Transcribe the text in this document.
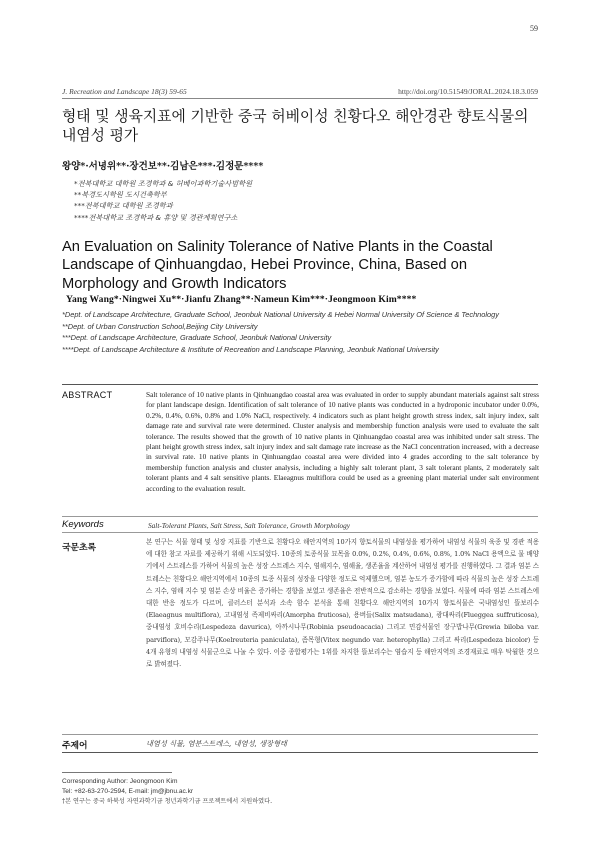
59
J. Recreation and Landscape 18(3) 59-65	http://doi.org/10.51549/JORAL.2024.18.3.059
형태 및 생육지표에 기반한 중국 허베이성 친황다오 해안경관 향토식물의 내염성 평가
왕양*·서녕위**·장건보**·김남은***·김정문****
*전북대학교 대학원 조경학과 & 허베이과학기술사범학원
**북경도시학원 도시건축학부
***전북대학교 대학원 조경학과
****전북대학교 조경학과 & 휴양 및 경관계획연구소
An Evaluation on Salinity Tolerance of Native Plants in the Coastal Landscape of Qinhuangdao, Hebei Province, China, Based on Morphology and Growth Indicators
Yang Wang*·Ningwei Xu**·Jianfu Zhang**·Nameun Kim***·Jeongmoon Kim****
*Dept. of Landscape Architecture, Graduate School, Jeonbuk National University & Hebei Normal University Of Science & Technology
**Dept. of Urban Construction School,Beijing City University
***Dept. of Landscape Architecture, Graduate School, Jeonbuk National University
****Dept. of Landscape Architecture & Institute of Recreation and Landscape Planning, Jeonbuk National University
ABSTRACT	Salt tolerance of 10 native plants in Qinhuangdao coastal area was evaluated in order to supply abundant materials against salt stress for plant landscape design. Identification of salt tolerance of 10 native plants was conducted in a hydroponic incubator under 0.0%, 0.2%, 0.4%, 0.6%, 0.8% and 1.0% NaCl, respectively. 4 indicators such as plant height growth stress index, salt injury index, salt damage rate and survival rate were determined. Cluster analysis and membership function analysis were used to evaluate the salt tolerance. The results showed that the growth of 10 native plants in Qinhuangdao coastal area was inhibited under salt stress. The plant height growth stress index, salt injury index and salt damage rate increase as the NaCl concentration increased, with a decrease in survival rate. 10 native plants in Qinhuangdao coastal area were divided into 4 grades according to the salt tolerance by membership function analysis and cluster analysis, including a highly salt tolerant plant, 3 salt tolerant plants, 2 moderately salt tolerant plants and 4 salt sensitive plants. Elaeagnus multiflora could be used as a greening plant material under salt environment according to the evaluation result.
Keywords	Salt-Tolerant Plants, Salt Stress, Salt Tolerance, Growth Morphology
국문초록
본 연구는 식물 형태 및 성장 지표를 기반으로 친황다오 해안지역의 10가지 향토식물의 내염성을 평가하여 내염성 식물의 육종 및 경관 적용에 대한 참고 자료를 제공하기 위해 시도되었다. 10종의 토종식물 묘목을 0.0%, 0.2%, 0.4%, 0.6%, 0.8%, 1.0% NaCl 용액으로 물 배양기에서 스트레스를 가하여 식물의 높은 성장 스트레스 지수, 염해지수, 염해율, 생존율을 계산하여 내염성 평가를 진행하였다. 그 결과 염분 스트레스는 친황다오 해안지역에서 10종의 토종 식물의 성장을 다양한 정도로 억제했으며, 염분 농도가 증가함에 따라 식물의 높은 성장 스트레스 지수, 염해 지수 및 염분 손상 비율은 증가하는 경향을 보였고 생존율은 전반적으로 감소하는 경향을 보였다. 식물에 따라 염분 스트레스에 대한 반응 정도가 다르며, 클러스터 분석과 소속 함수 분석을 통해 친황다오 해안지역의 10가지 향토식물은 국내염성인 뜰보리수(Elaeagnus multiflora), 고내염성 족제비싸리(Amorpha fruticosa), 용버들(Salix matsudana), 광대싸리(Flueggea suffruticosa), 중내염성 호비수리(Lespedeza davurica), 아까시나무(Robinia pseudoacacia) 그리고 민감식물인 장구밥나무(Grewia biloba var. parviflora), 모감주나무(Koelreuteria paniculata), 좀목형(Vitex negundo var. heterophylla) 그리고 싸리(Lespedeza bicolor) 등 4개 유형의 내염성 식물군으로 나눌 수 있다. 이중 종합평가는 1위를 차지한 뜰보리수는 염습지 등 해안지역의 조경재료로 매우 탁월한 것으로 밝혀졌다.
주제어	내염성 식물, 염분스트레스, 내염성, 생장형태
Corresponding Author: Jeongmoon Kim
Tel: +82-63-270-2594, E-mail: jm@jbnu.ac.kr
†본 연구는 중국 하북성 자연과학기금 청년과학기금 프로젝트에서 지원하였다.
